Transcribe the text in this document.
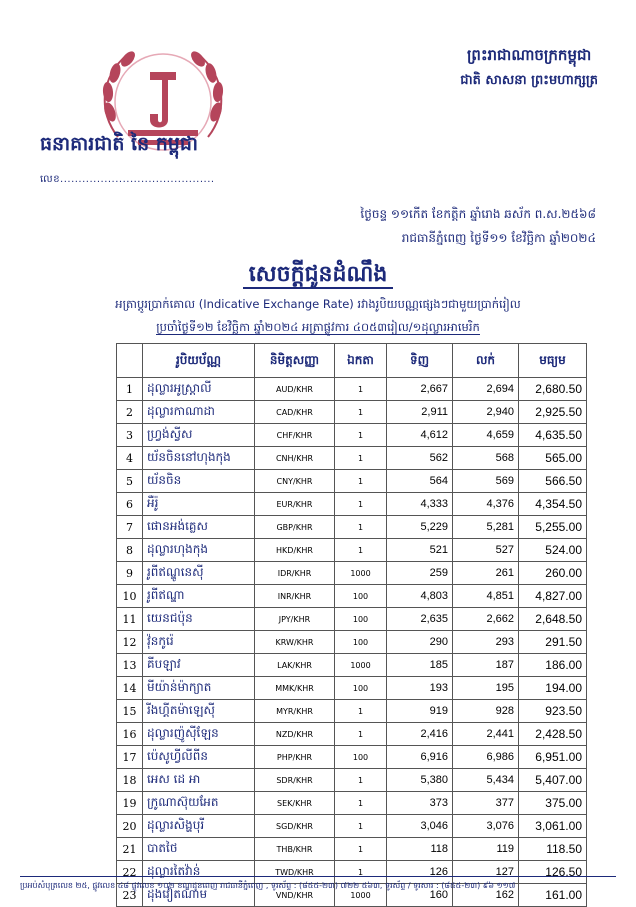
ធនាគារជាតិ នៃ កម្ពុជា
លេខ..........................................
ព្រះរាជាណាចក្រកម្ពុជា
ជាតិ សាសនា ព្រះមហាក្សត្រ
ថ្ងៃចន្ទ ១១កើត ខែកត្តិក ឆ្នាំរោង ឆស័ក ព.ស.២៥៦៨
រាជធានីភ្នំពេញ ថ្ងៃទី១១ ខែវិច្ឆិកា ឆ្នាំ២០២៤
សេចក្តីជូនដំណឹង
អត្រាប្តូរប្រាក់គោល (Indicative Exchange Rate) រវាងរូបិយបណ្ណផ្សេងៗជាមួយប្រាក់រៀល
ប្រចាំថ្ងៃទី១២ ខែវិច្ឆិកា ឆ្នាំ២០២៤ អត្រាផ្លូវការ ៤០៥៣រៀល/១ដុល្លារអាមេរិក
	រូបិយប័ណ្ណ	និមិត្តសញ្ញា	ឯកតា	ទិញ	លក់	មធ្យម
1	ដុល្លារអូស្ត្រាលី	AUD/KHR	1	2,667	2,694	2,680.50
2	ដុល្លារកាណាដា	CAD/KHR	1	2,911	2,940	2,925.50
3	ហ្វ្រង់ស្វីស	CHF/KHR	1	4,612	4,659	4,635.50
4	យ័នចិននៅហុងកុង	CNH/KHR	1	562	568	565.00
5	យ័នចិន	CNY/KHR	1	564	569	566.50
6	អឺរ៉ូ	EUR/KHR	1	4,333	4,376	4,354.50
7	ផោនអង់គ្លេស	GBP/KHR	1	5,229	5,281	5,255.00
8	ដុល្លារហុងកុង	HKD/KHR	1	521	527	524.00
9	រូពីឥណ្ឌូនេស៊ី	IDR/KHR	1000	259	261	260.00
10	រូពីឥណ្ឌា	INR/KHR	100	4,803	4,851	4,827.00
11	យេនជប៉ុន	JPY/KHR	100	2,635	2,662	2,648.50
12	វ៉ុនកូរ៉េ	KRW/KHR	100	290	293	291.50
13	គីបឡាវ	LAK/KHR	1000	185	187	186.00
14	មីយ៉ាន់ម៉ាក្យាត	MMK/KHR	100	193	195	194.00
15	រីងហ្គីតម៉ាឡេស៊ី	MYR/KHR	1	919	928	923.50
16	ដុល្លារញ៉ូស៊ីឡែន	NZD/KHR	1	2,416	2,441	2,428.50
17	ប៉េសូហ្វីលីពីន	PHP/KHR	100	6,916	6,986	6,951.00
18	អេស ដេ អា	SDR/KHR	1	5,380	5,434	5,407.00
19	ក្រូណាស៊ុយអែត	SEK/KHR	1	373	377	375.00
20	ដុល្លារសិង្ហបុរី	SGD/KHR	1	3,046	3,076	3,061.00
21	បាតថៃ	THB/KHR	1	118	119	118.50
22	ដុល្លារតៃវ៉ាន់	TWD/KHR	1	126	127	126.50
23	ដុងវៀតណាម	VND/KHR	1000	160	162	161.00
ប្រអប់សំបុត្រលេខ ២៥, ផ្លូវលេខ ៤៨ ផ្លូវលេខ ១០២ ខណ្ឌដូនពេញ រាជធានីភ្នំពេញ , ទូរស័ព្ទ : (៨៥៥-២៣) ៧២២ ៥៦៣, ទូរស័ព្ទ / ទូរសារ : (៨៥៥-២៣) ៩៦ ១១៧
